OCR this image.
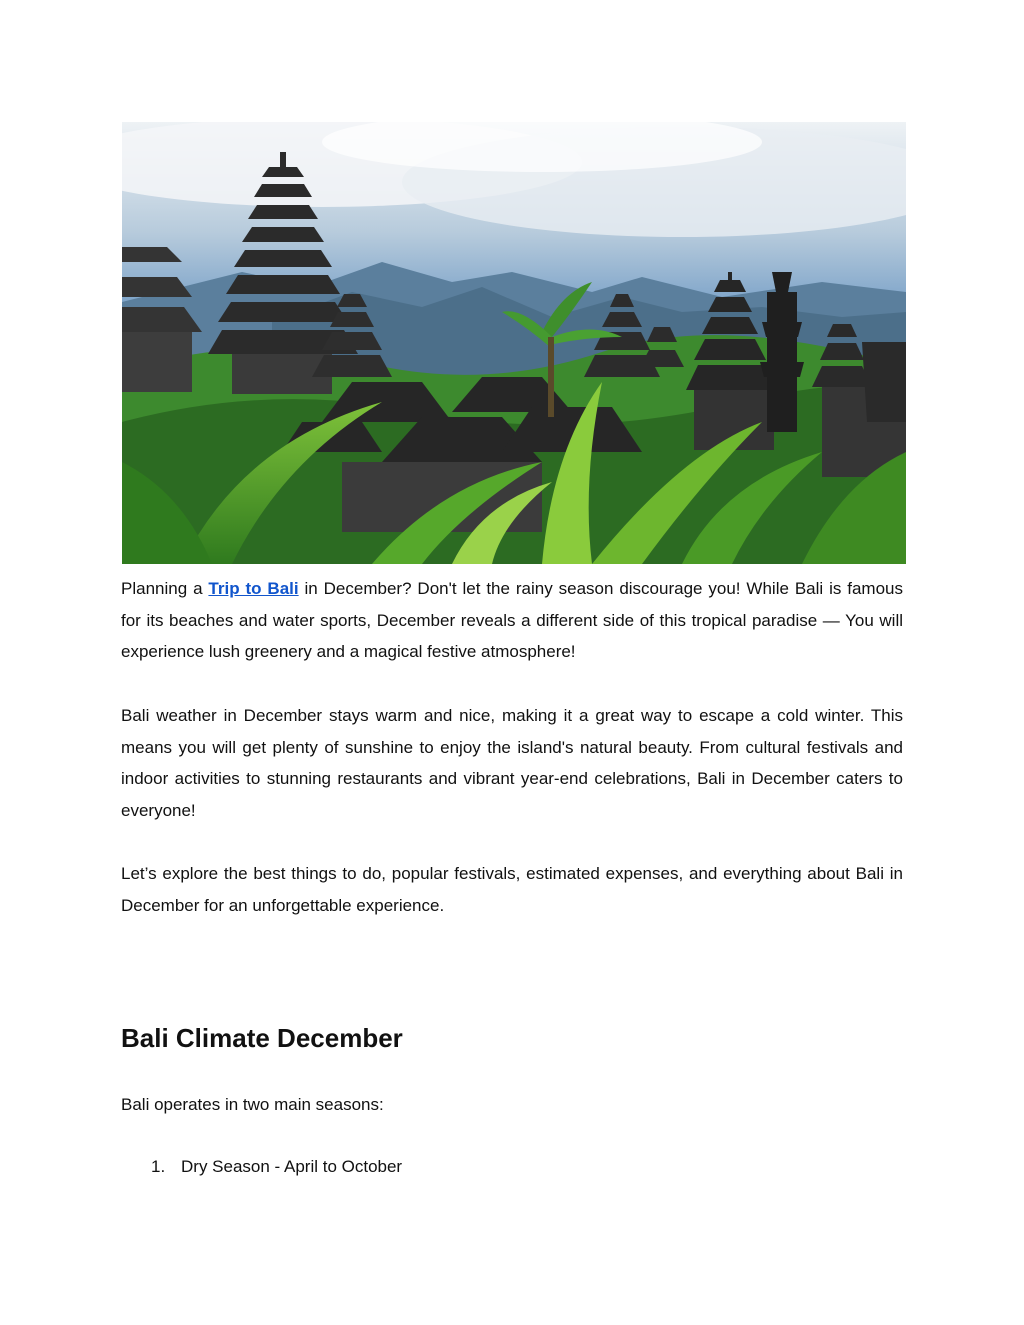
Planning a Trip to Bali in December? Don't let the rainy season discourage you! While Bali is famous for its beaches and water sports, December reveals a different side of this tropical paradise — You will experience lush greenery and a magical festive atmosphere!

Bali weather in December stays warm and nice, making it a great way to escape a cold winter. This means you will get plenty of sunshine to enjoy the island's natural beauty. From cultural festivals and indoor activities to stunning restaurants and vibrant year-end celebrations, Bali in December caters to everyone!

Let’s explore the best things to do, popular festivals, estimated expenses, and everything about Bali in December for an unforgettable experience.

Bali Climate December

Bali operates in two main seasons:

1. Dry Season - April to October
